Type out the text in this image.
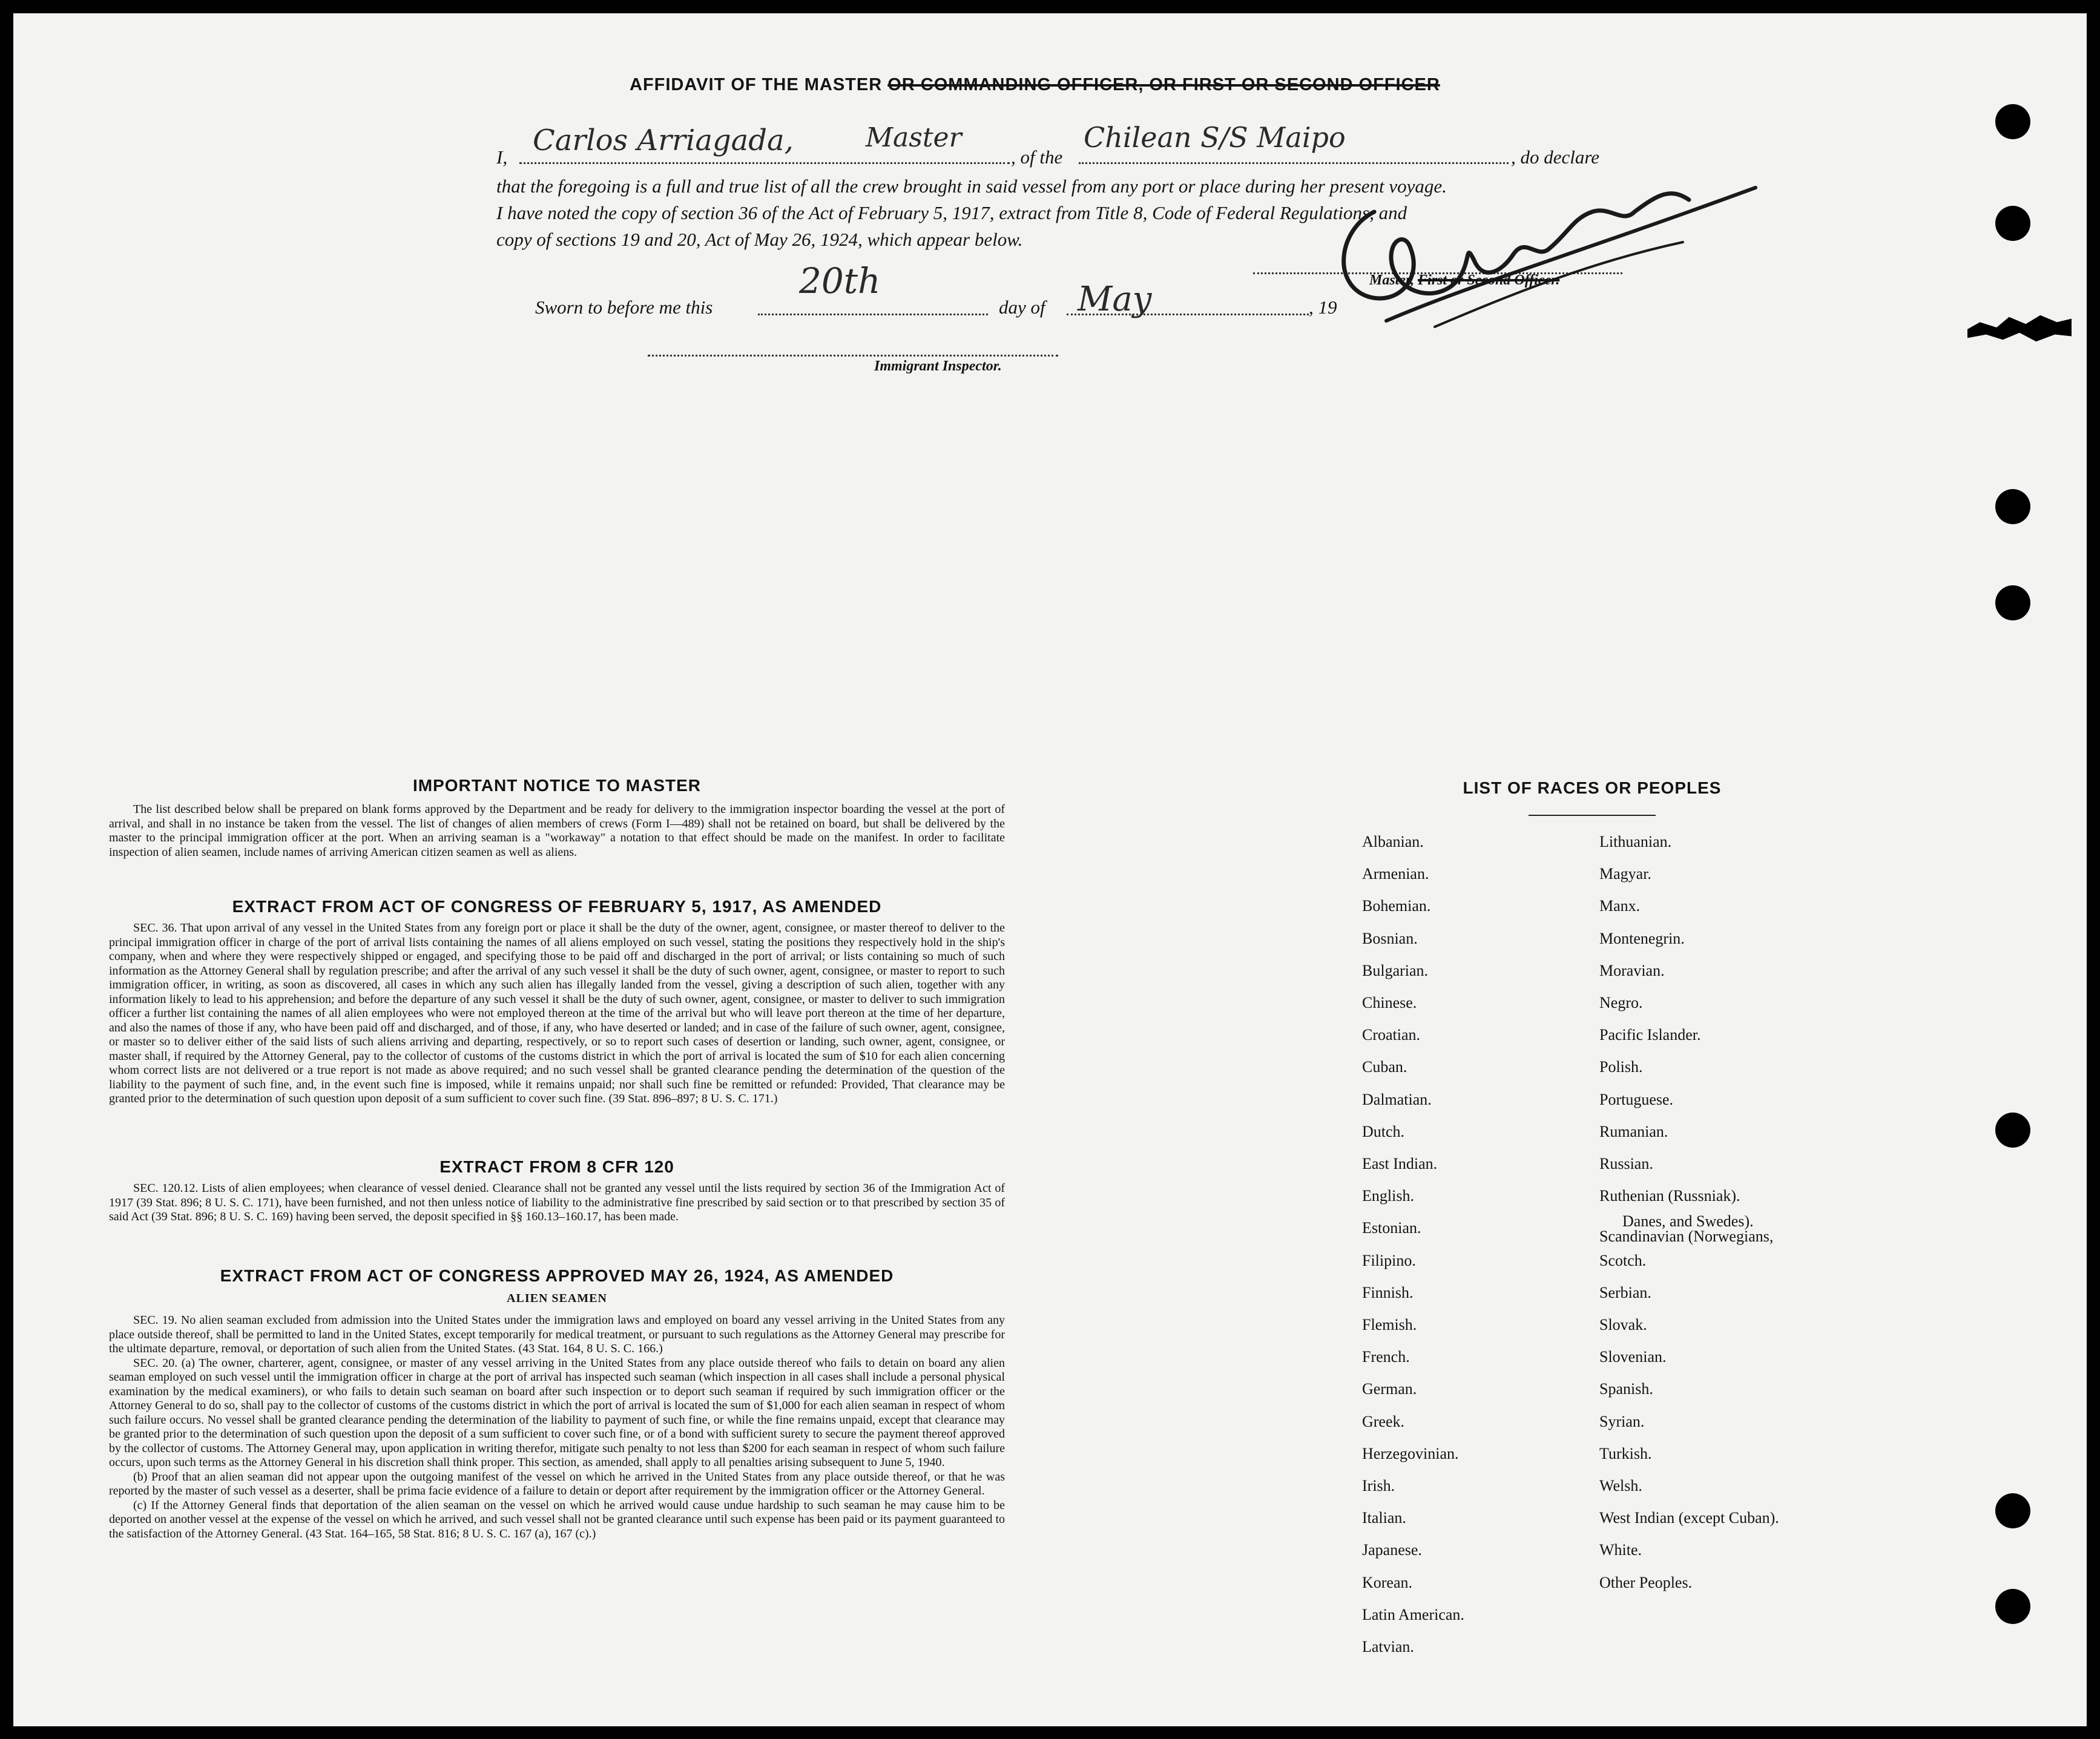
AFFIDAVIT OF THE MASTER OR COMMANDING OFFICER, OR FIRST OR SECOND OFFICER
I, Carlos Arriagada,	Master
, of the
Chilean S/S Maipo
, do declare
that the foregoing is a full and true list of all the crew brought in said vessel from any port or place during her present voyage.
I have noted the copy of section 36 of the Act of February 5, 1917, extract from Title 8, Code of Federal Regulations, and
copy of sections 19 and 20, Act of May 26, 1924, which appear below.
Master, First or Second Officer.
Sworn to before me this
20th
day of May	, 19
Immigrant Inspector.
IMPORTANT NOTICE TO MASTER
The list described below shall be prepared on blank forms approved by the Department and be ready for delivery to the immigration inspector boarding the vessel at the port of arrival, and shall in no instance be taken from the vessel. The list of changes of alien members of crews (Form I—489) shall not be retained on board, but shall be delivered by the master to the principal immigration officer at the port. When an arriving seaman is a "workaway" a notation to that effect should be made on the manifest. In order to facilitate inspection of alien seamen, include names of arriving American citizen seamen as well as aliens.
EXTRACT FROM ACT OF CONGRESS OF FEBRUARY 5, 1917, AS AMENDED
SEC. 36. That upon arrival of any vessel in the United States from any foreign port or place it shall be the duty of the owner, agent, consignee, or master thereof to deliver to the principal immigration officer in charge of the port of arrival lists containing the names of all aliens employed on such vessel, stating the positions they respectively hold in the ship's company, when and where they were respectively shipped or engaged, and specifying those to be paid off and discharged in the port of arrival; or lists containing so much of such information as the Attorney General shall by regulation prescribe; and after the arrival of any such vessel it shall be the duty of such owner, agent, consignee, or master to report to such immigration officer, in writing, as soon as discovered, all cases in which any such alien has illegally landed from the vessel, giving a description of such alien, together with any information likely to lead to his apprehension; and before the departure of any such vessel it shall be the duty of such owner, agent, consignee, or master to deliver to such immigration officer a further list containing the names of all alien employees who were not employed thereon at the time of the arrival but who will leave port thereon at the time of her departure, and also the names of those if any, who have been paid off and discharged, and of those, if any, who have deserted or landed; and in case of the failure of such owner, agent, consignee, or master so to deliver either of the said lists of such aliens arriving and departing, respectively, or so to report such cases of desertion or landing, such owner, agent, consignee, or master shall, if required by the Attorney General, pay to the collector of customs of the customs district in which the port of arrival is located the sum of $10 for each alien concerning whom correct lists are not delivered or a true report is not made as above required; and no such vessel shall be granted clearance pending the determination of the question of the liability to the payment of such fine, and, in the event such fine is imposed, while it remains unpaid; nor shall such fine be remitted or refunded: Provided, That clearance may be granted prior to the determination of such question upon deposit of a sum sufficient to cover such fine. (39 Stat. 896–897; 8 U. S. C. 171.)
EXTRACT FROM 8 CFR 120
SEC. 120.12. Lists of alien employees; when clearance of vessel denied. Clearance shall not be granted any vessel until the lists required by section 36 of the Immigration Act of 1917 (39 Stat. 896; 8 U. S. C. 171), have been furnished, and not then unless notice of liability to the administrative fine prescribed by said section or to that prescribed by section 35 of said Act (39 Stat. 896; 8 U. S. C. 169) having been served, the deposit specified in §§ 160.13–160.17, has been made.
EXTRACT FROM ACT OF CONGRESS APPROVED MAY 26, 1924, AS AMENDED
ALIEN SEAMEN
SEC. 19. No alien seaman excluded from admission into the United States under the immigration laws and employed on board any vessel arriving in the United States from any place outside thereof, shall be permitted to land in the United States, except temporarily for medical treatment, or pursuant to such regulations as the Attorney General may prescribe for the ultimate departure, removal, or deportation of such alien from the United States. (43 Stat. 164, 8 U. S. C. 166.)
SEC. 20. (a) The owner, charterer, agent, consignee, or master of any vessel arriving in the United States from any place outside thereof who fails to detain on board any alien seaman employed on such vessel until the immigration officer in charge at the port of arrival has inspected such seaman (which inspection in all cases shall include a personal physical examination by the medical examiners), or who fails to detain such seaman on board after such inspection or to deport such seaman if required by such immigration officer or the Attorney General to do so, shall pay to the collector of customs of the customs district in which the port of arrival is located the sum of $1,000 for each alien seaman in respect of whom such failure occurs. No vessel shall be granted clearance pending the determination of the liability to payment of such fine, or while the fine remains unpaid, except that clearance may be granted prior to the determination of such question upon the deposit of a sum sufficient to cover such fine, or of a bond with sufficient surety to secure the payment thereof approved by the collector of customs. The Attorney General may, upon application in writing therefor, mitigate such penalty to not less than $200 for each seaman in respect of whom such failure occurs, upon such terms as the Attorney General in his discretion shall think proper. This section, as amended, shall apply to all penalties arising subsequent to June 5, 1940.
(b) Proof that an alien seaman did not appear upon the outgoing manifest of the vessel on which he arrived in the United States from any place outside thereof, or that he was reported by the master of such vessel as a deserter, shall be prima facie evidence of a failure to detain or deport after requirement by the immigration officer or the Attorney General.
(c) If the Attorney General finds that deportation of the alien seaman on the vessel on which he arrived would cause undue hardship to such seaman he may cause him to be deported on another vessel at the expense of the vessel on which he arrived, and such vessel shall not be granted clearance until such expense has been paid or its payment guaranteed to the satisfaction of the Attorney General. (43 Stat. 164–165, 58 Stat. 816; 8 U. S. C. 167 (a), 167 (c).)
LIST OF RACES OR PEOPLES
Albanian.
Armenian.
Bohemian.
Bosnian.
Bulgarian.
Chinese.
Croatian.
Cuban.
Dalmatian.
Dutch.
East Indian.
English.
Estonian.
Filipino.
Finnish.
Flemish.
French.
German.
Greek.
Herzegovinian.
Irish.
Italian.
Japanese.
Korean.
Latin American.
Latvian.
Lithuanian.
Magyar.
Manx.
Montenegrin.
Moravian.
Negro.
Pacific Islander.
Polish.
Portuguese.
Rumanian.
Russian.
Ruthenian (Russniak).
Scandinavian (Norwegians,
Danes, and Swedes).
Scotch.
Serbian.
Slovak.
Slovenian.
Spanish.
Syrian.
Turkish.
Welsh.
West Indian (except Cuban).
White.
Other Peoples.
